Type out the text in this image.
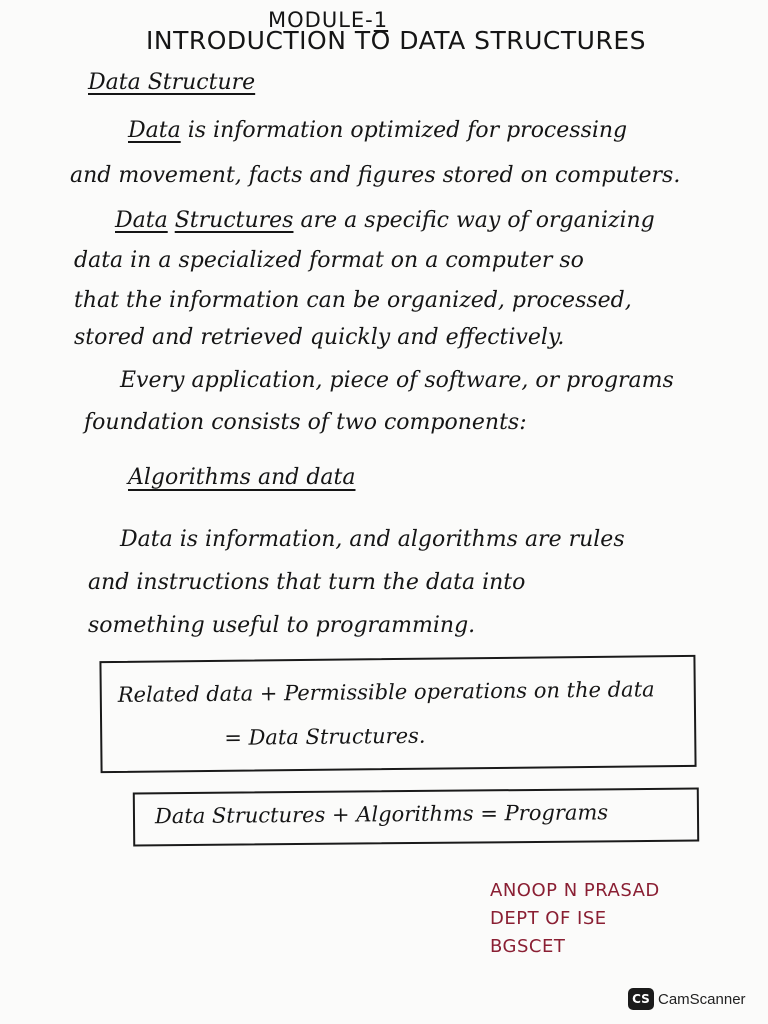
MODULE-1
INTRODUCTION TO DATA STRUCTURES
Data Structure
Data is information optimized for processing
and movement, facts and figures stored on computers.
Data Structures are a specific way of organizing
data in a specialized format on a computer so
that the information can be organized, processed,
stored and retrieved quickly and effectively.
Every application, piece of software, or programs
foundation consists of two components:
Algorithms and data
Data is information, and algorithms are rules
and instructions that turn the data into
something useful to programming.
Related data + Permissible operations on the data
= Data Structures.
Data Structures + Algorithms = Programs
ANOOP N PRASAD
DEPT OF ISE
BGSCET
CS CamScanner
